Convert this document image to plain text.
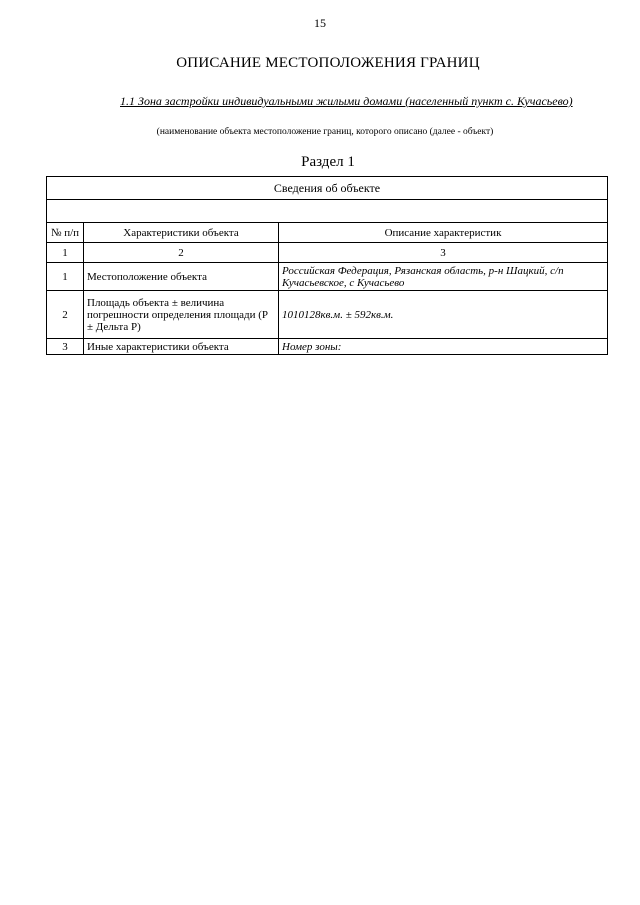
15
ОПИСАНИЕ МЕСТОПОЛОЖЕНИЯ ГРАНИЦ
1.1 Зона застройки индивидуальными жилыми домами (населенный пункт с. Кучасьево)
(наименование объекта местоположение границ, которого описано (далее - объект)
Раздел 1
Сведения об объекте		

№ п/п	Характеристики объекта	Описание характеристик
1	2	3
1	Местоположение объекта	Российская Федерация, Рязанская область, р-н Шацкий, с/п Кучасьевское, с Кучасьево
2	Площадь объекта ± величина погрешности определения площади (Р ± Дельта Р)	1010128кв.м. ± 592кв.м.
3	Иные характеристики объекта	Номер зоны:
